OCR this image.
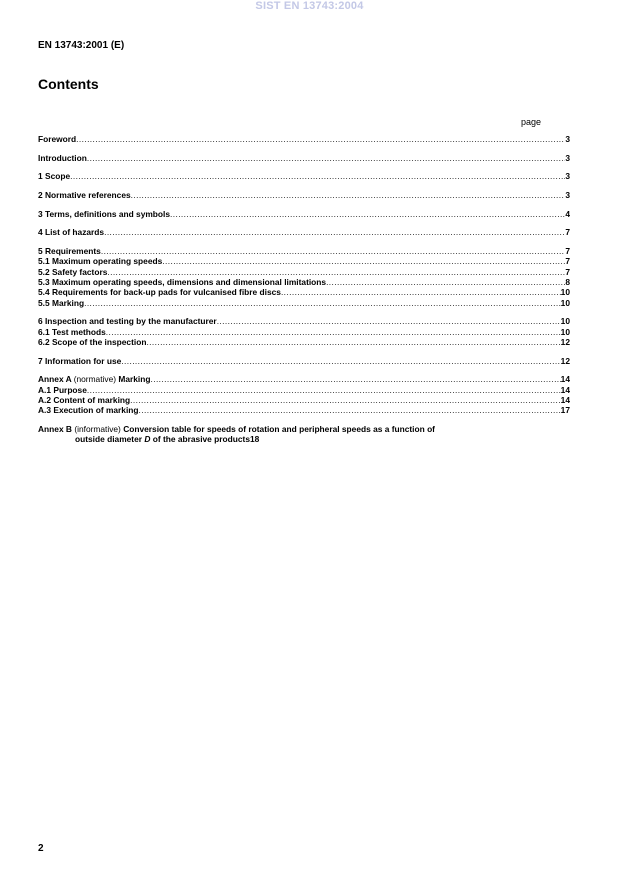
SIST EN 13743:2004
EN 13743:2001 (E)
Contents
page
Foreword .....	3
Introduction .....	3
1 Scope .....	3
2 Normative references .....	3
3 Terms, definitions and symbols .....	4
4 List of hazards .....	7
5 Requirements .....	7
5.1 Maximum operating speeds .....	7
5.2 Safety factors .....	7
5.3 Maximum operating speeds, dimensions and dimensional limitations .....	8
5.4 Requirements for back-up pads for vulcanised fibre discs .....	10
5.5 Marking .....	10
6 Inspection and testing by the manufacturer .....	10
6.1 Test methods .....	10
6.2 Scope of the inspection .....	12
7 Information for use .....	12
Annex A (normative) Marking .....	14
A.1 Purpose .....	14
A.2 Content of marking .....	14
A.3 Execution of marking .....	17
Annex B (informative) Conversion table for speeds of rotation and peripheral speeds as a function of
outside diameter D of the abrasive products 18
2
